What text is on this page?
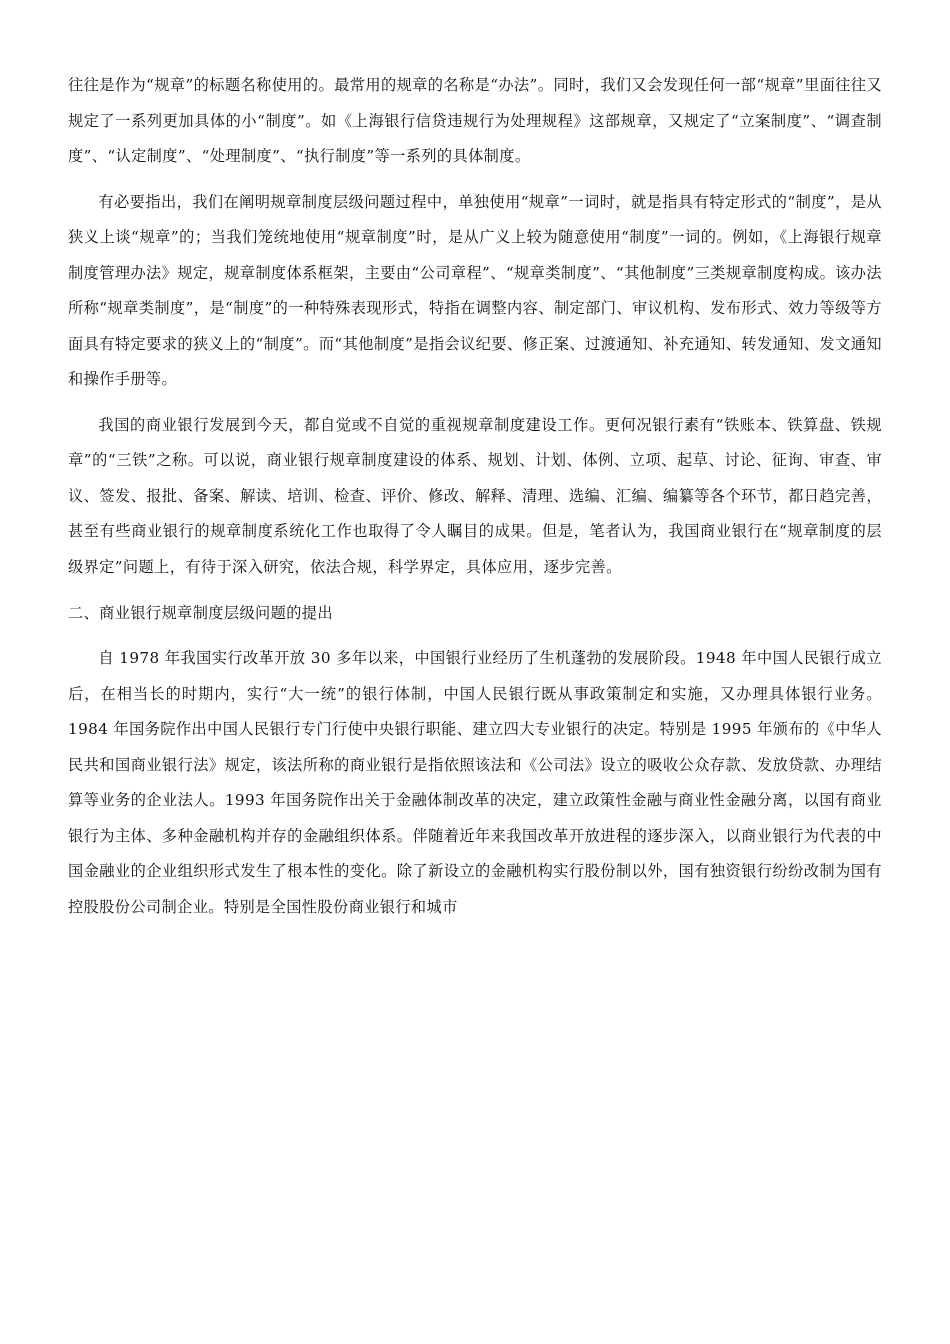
往往是作为“规章”的标题名称使用的。最常用的规章的名称是“办法”。同时，我们又会发现任何一部“规章”里面往往又规定了一系列更加具体的小“制度”。如《上海银行信贷违规行为处理规程》这部规章，又规定了“立案制度”、“调查制度”、“认定制度”、“处理制度”、“执行制度”等一系列的具体制度。

有必要指出，我们在阐明规章制度层级问题过程中，单独使用“规章”一词时，就是指具有特定形式的“制度”，是从狭义上谈“规章”的；当我们笼统地使用“规章制度”时，是从广义上较为随意使用“制度”一词的。例如，《上海银行规章制度管理办法》规定，规章制度体系框架，主要由“公司章程”、“规章类制度”、“其他制度”三类规章制度构成。该办法所称“规章类制度”，是“制度”的一种特殊表现形式，特指在调整内容、制定部门、审议机构、发布形式、效力等级等方面具有特定要求的狭义上的“制度”。而“其他制度”是指会议纪要、修正案、过渡通知、补充通知、转发通知、发文通知和操作手册等。

我国的商业银行发展到今天，都自觉或不自觉的重视规章制度建设工作。更何况银行素有“铁账本、铁算盘、铁规章”的“三铁”之称。可以说，商业银行规章制度建设的体系、规划、计划、体例、立项、起草、讨论、征询、审查、审议、签发、报批、备案、解读、培训、检查、评价、修改、解释、清理、选编、汇编、编纂等各个环节，都日趋完善，甚至有些商业银行的规章制度系统化工作也取得了令人瞩目的成果。但是，笔者认为，我国商业银行在“规章制度的层级界定”问题上，有待于深入研究，依法合规，科学界定，具体应用，逐步完善。

二、商业银行规章制度层级问题的提出

自 1978 年我国实行改革开放 30 多年以来，中国银行业经历了生机蓬勃的发展阶段。1948 年中国人民银行成立后，在相当长的时期内，实行“大一统”的银行体制，中国人民银行既从事政策制定和实施，又办理具体银行业务。1984 年国务院作出中国人民银行专门行使中央银行职能、建立四大专业银行的决定。特别是 1995 年颁布的《中华人民共和国商业银行法》规定，该法所称的商业银行是指依照该法和《公司法》设立的吸收公众存款、发放贷款、办理结算等业务的企业法人。1993 年国务院作出关于金融体制改革的决定，建立政策性金融与商业性金融分离，以国有商业银行为主体、多种金融机构并存的金融组织体系。伴随着近年来我国改革开放进程的逐步深入，以商业银行为代表的中国金融业的企业组织形式发生了根本性的变化。除了新设立的金融机构实行股份制以外，国有独资银行纷纷改制为国有控股股份公司制企业。特别是全国性股份商业银行和城市
